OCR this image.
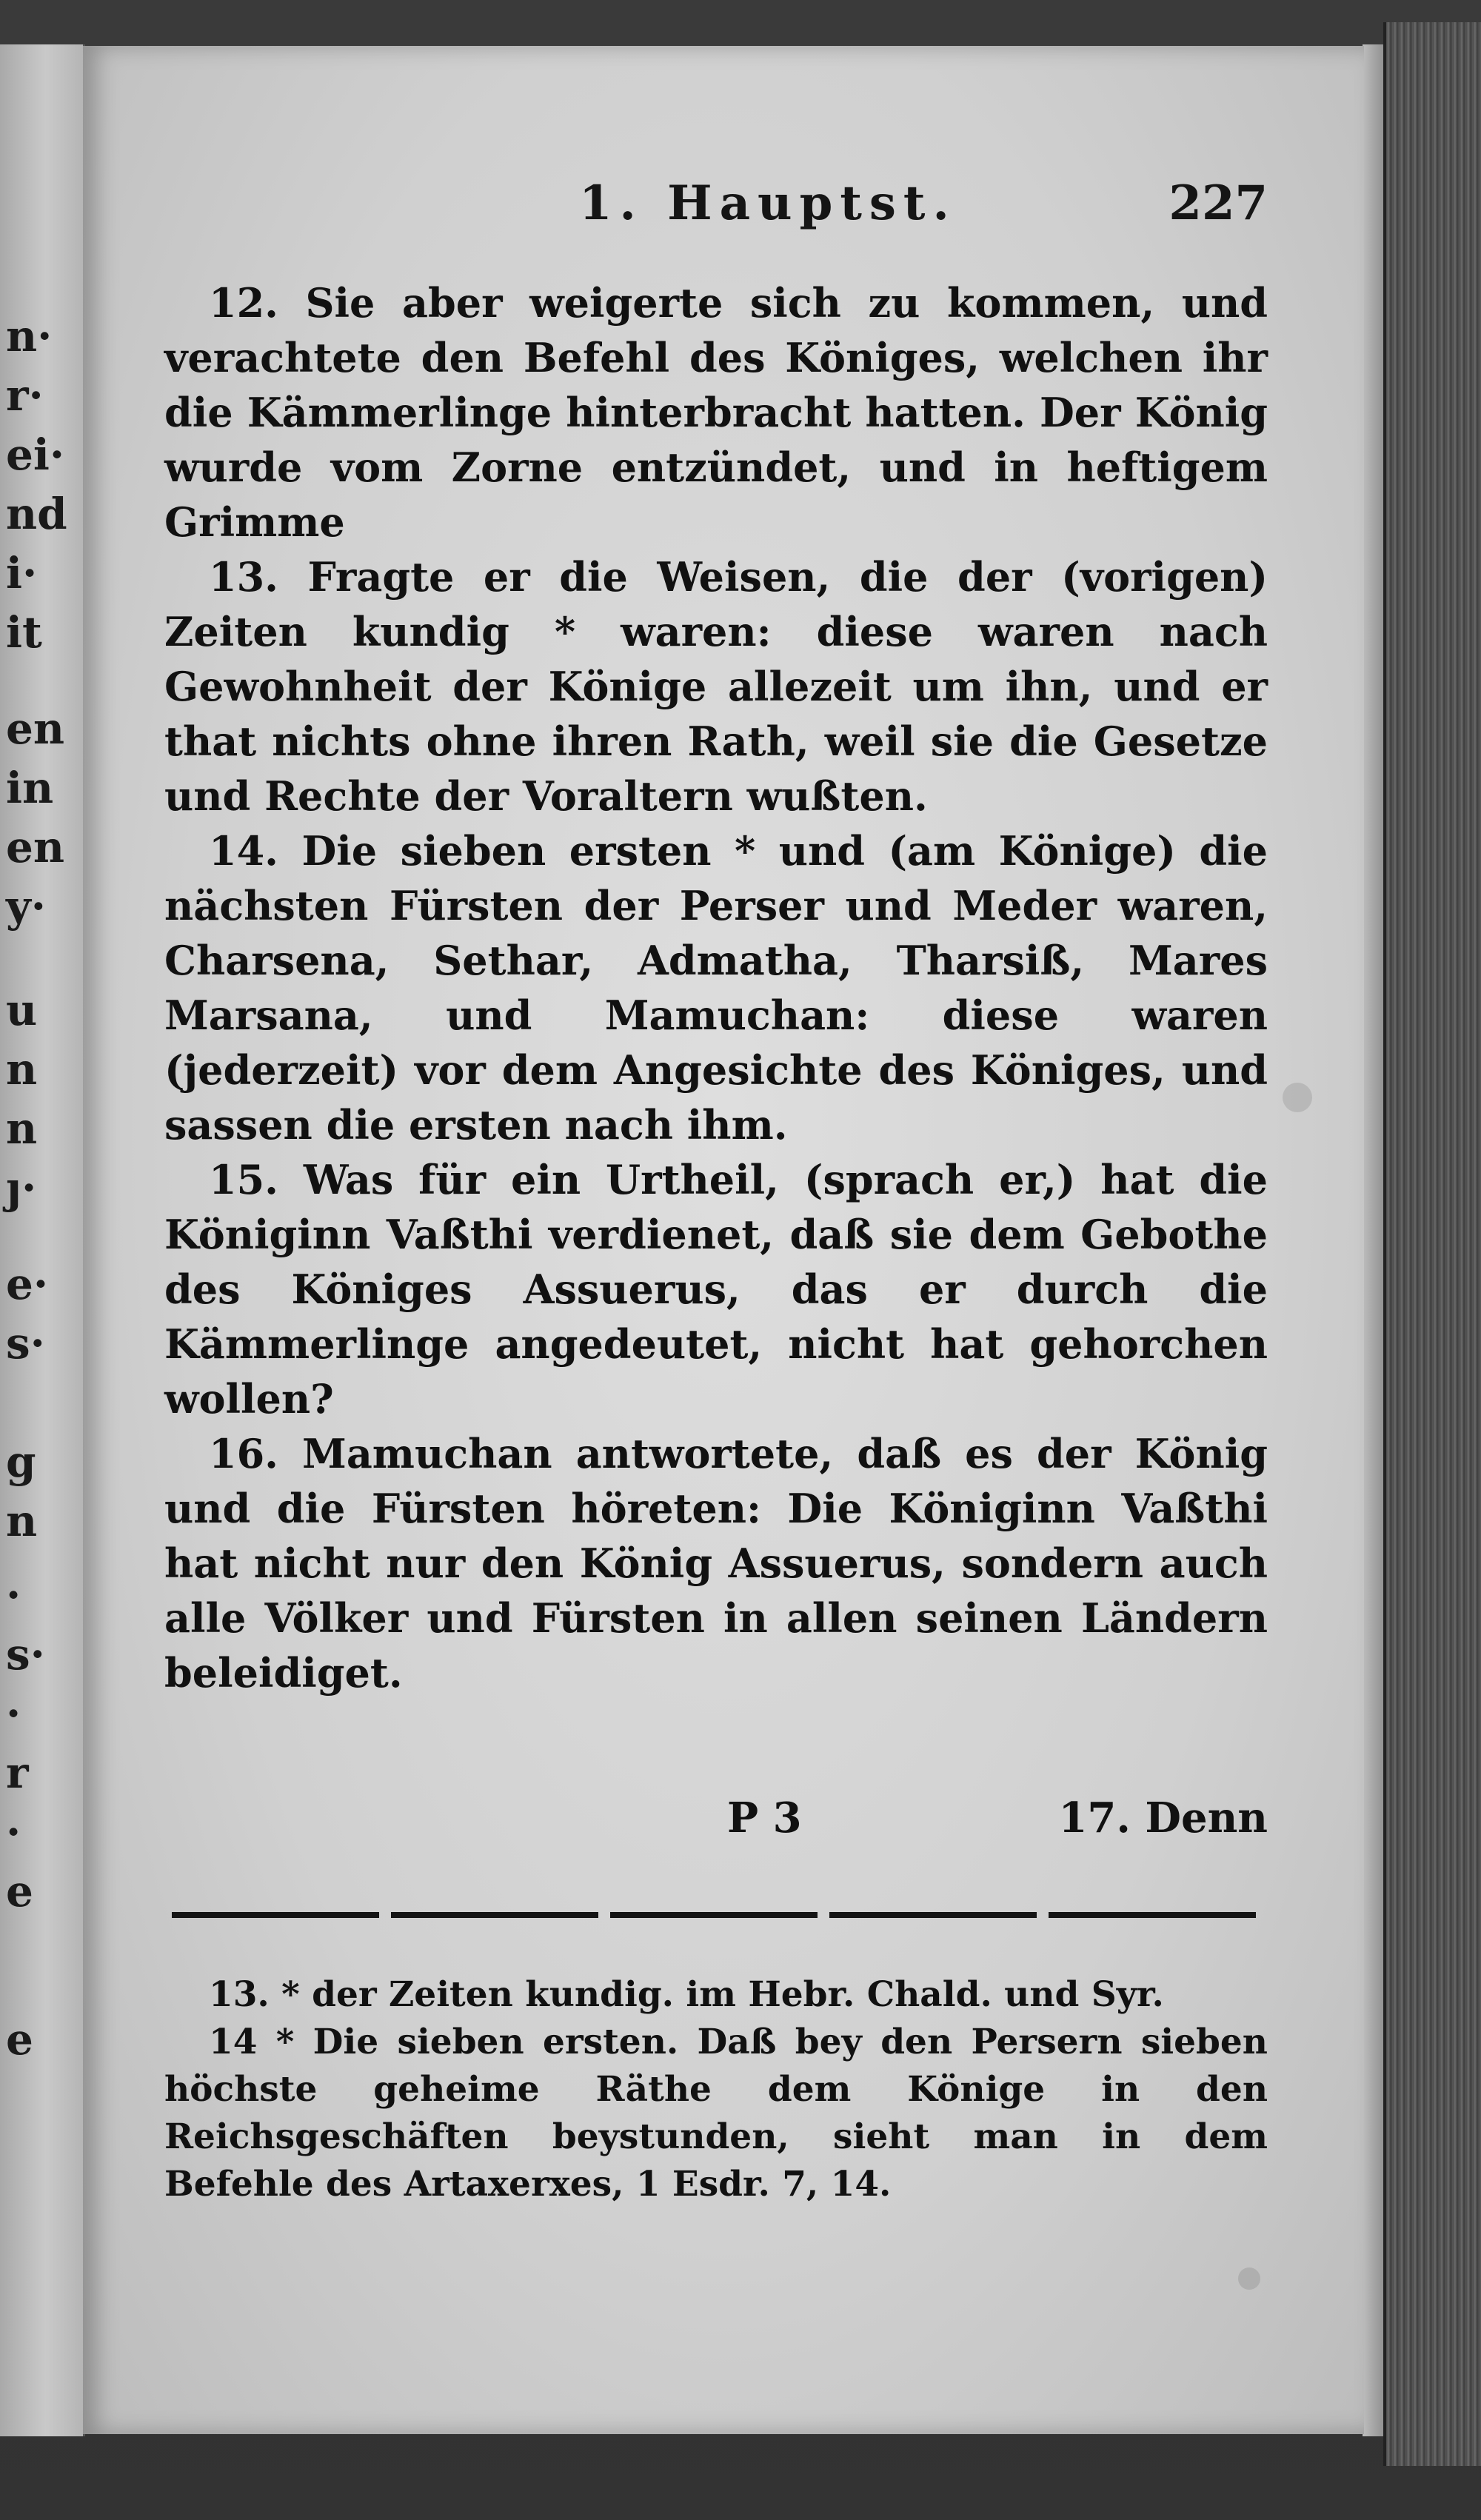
n·
r·
ei·
nd
i·
it
en
in
en
y·
u
n
n
ȷ·
e·
s·
g
n
·
s·
·
r
·
e
e
1. Hauptst.	227

12. Sie aber weigerte sich zu kommen, und verachtete den Befehl des Königes, welchen ihr die Kämmerlinge hinterbracht hatten. Der König wurde vom Zorne entzündet, und in heftigem Grimme

13. Fragte er die Weisen, die der (vorigen) Zeiten kundig * waren: diese waren nach Gewohnheit der Könige allezeit um ihn, und er that nichts ohne ihren Rath, weil sie die Gesetze und Rechte der Voraltern wußten.

14. Die sieben ersten * und (am Könige) die nächsten Fürsten der Perser und Meder waren, Charsena, Sethar, Admatha, Tharsiß, Mares Marsana, und Mamuchan: diese waren (jederzeit) vor dem Angesichte des Königes, und sassen die ersten nach ihm.

15. Was für ein Urtheil, (sprach er,) hat die Königinn Vaßthi verdienet, daß sie dem Gebothe des Königes Assuerus, das er durch die Kämmerlinge angedeutet, nicht hat gehorchen wollen?

16. Mamuchan antwortete, daß es der König und die Fürsten höreten: Die Königinn Vaßthi hat nicht nur den König Assuerus, sondern auch alle Völker und Fürsten in allen seinen Ländern beleidiget.

P 3	17. Denn

13. * der Zeiten kundig. im Hebr. Chald. und Syr.

14 * Die sieben ersten. Daß bey den Persern sieben höchste geheime Räthe dem Könige in den Reichsgeschäften beystunden, sieht man in dem Befehle des Artaxerxes, 1 Esdr. 7, 14.
